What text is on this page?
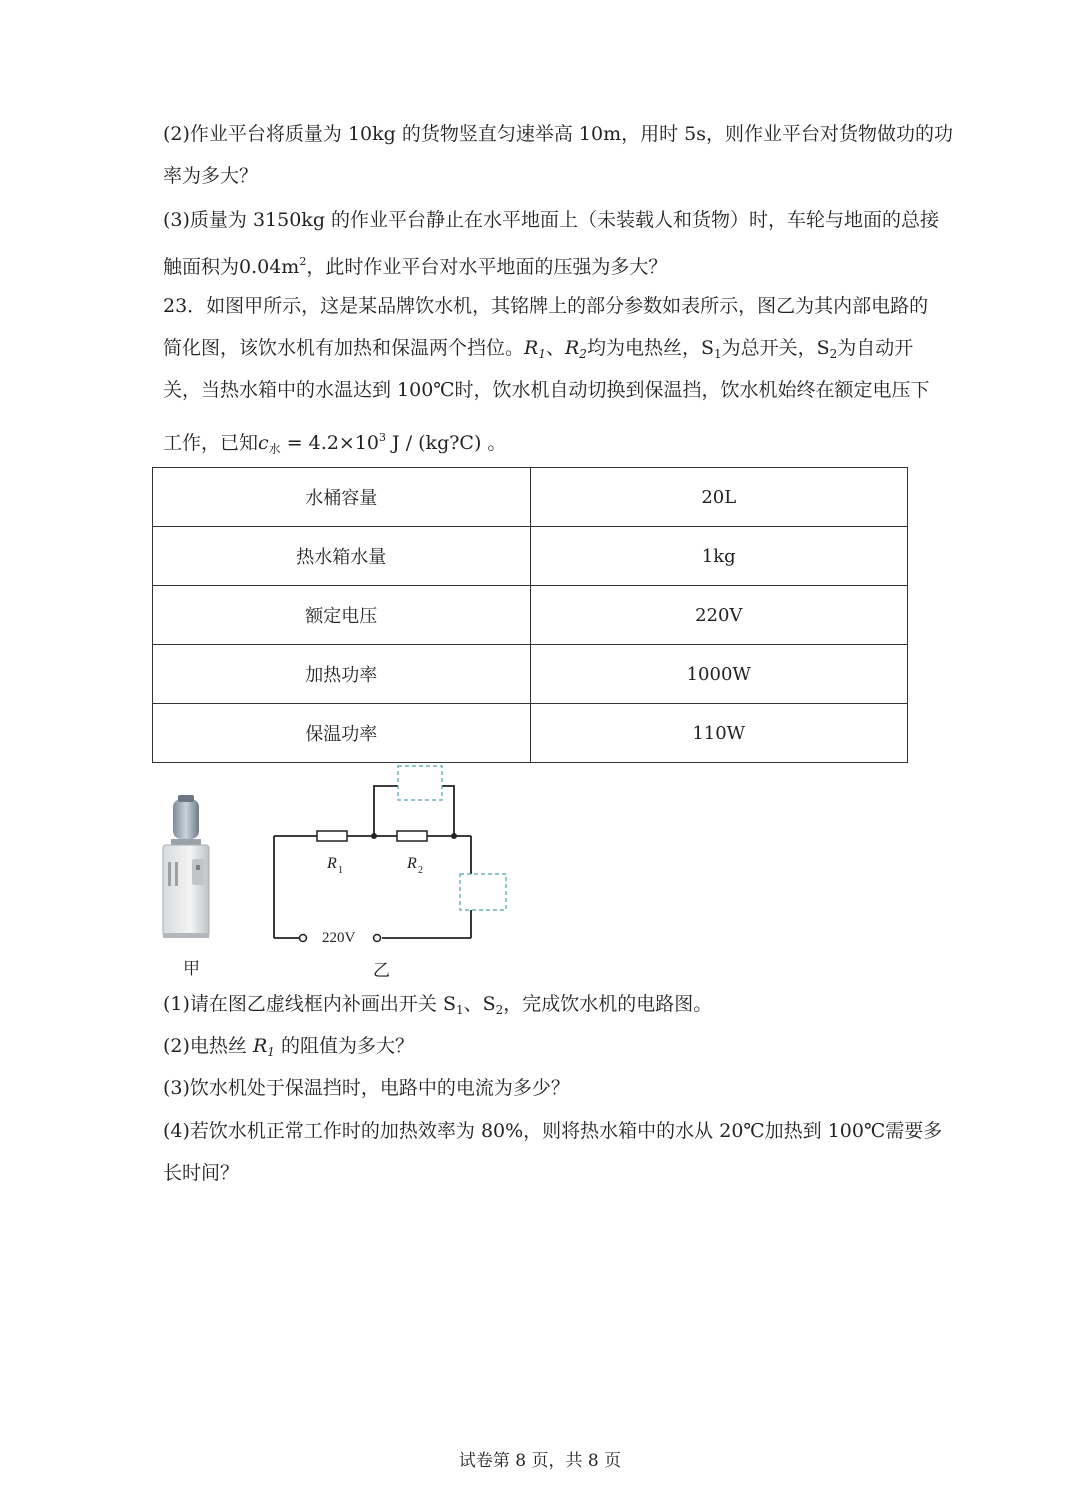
(2)作业平台将质量为 10kg 的货物竖直匀速举高 10m，用时 5s，则作业平台对货物做功的功
率为多大？
(3)质量为 3150kg 的作业平台静止在水平地面上（未装载人和货物）时，车轮与地面的总接
触面积为$0.04m^2$，此时作业平台对水平地面的压强为多大？
23．如图甲所示，这是某品牌饮水机，其铭牌上的部分参数如表所示，图乙为其内部电路的
简化图，该饮水机有加热和保温两个挡位。$R_1$、$R_2$均为电热丝，$S_1$为总开关，$S_2$为自动开
关，当热水箱中的水温达到 100℃时，饮水机自动切换到保温挡，饮水机始终在额定电压下
工作，已知$c_水 = 4.2\times 10^3$ J / (kg?C) 。
水桶容量	20L
热水箱水量	1kg
额定电压	220V
加热功率	1000W
保温功率	110W
甲
R 1	R 2
220V
乙
(1)请在图乙虚线框内补画出开关 $S_1$、$S_2$，完成饮水机的电路图。
(2)电热丝 $R_1$ 的阻值为多大？
(3)饮水机处于保温挡时，电路中的电流为多少？
(4)若饮水机正常工作时的加热效率为 80%，则将热水箱中的水从 20℃加热到 100℃需要多
长时间？
试卷第 8 页，共 8 页
